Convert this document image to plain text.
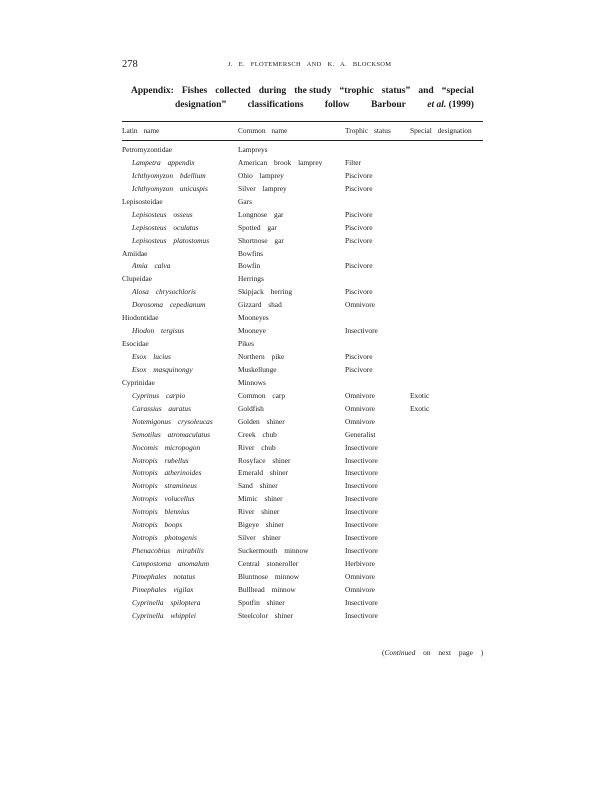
278	J. E. FLOTEMERSCH AND K. A. BLOCKSOM
Appendix: Fishes collected during the study “trophic status” and “special
designation” classifications follow Barbour et al. (1999)
Latin name	Common name	Trophic status	Special designation
Petromyzontidae	Lampreys
Lampetra appendix	American brook lamprey	Filter
Ichthyomyzon bdellium	Ohio lamprey	Piscivore
Ichthyomyzon unicuspis	Silver lamprey	Piscivore
Lepisosteidae	Gars
Lepisosteus osseus	Longnose gar	Piscivore
Lepisosteus oculatus	Spotted gar	Piscivore
Lepisosteus platostomus	Shortnose gar	Piscivore
Amiidae	Bowfins
Amia calva	Bowfin	Piscivore
Clupeidae	Herrings
Alosa chrysochloris	Skipjack herring	Piscivore
Dorosoma cepedianum	Gizzard shad	Omnivore
Hiodontidae	Mooneyes
Hiodon tergisus	Mooneye	Insectivore
Esocidae	Pikes
Esox lucius	Northern pike	Piscivore
Esox masquinongy	Muskellunge	Piscivore
Cyprinidae	Minnows
Cyprinus carpio	Common carp	Omnivore	Exotic
Carassius auratus	Goldfish	Omnivore	Exotic
Notemigonus crysoleucas	Golden shiner	Omnivore
Semotilus atromaculatus	Creek chub	Generalist
Nocomis micropogon	River chub	Insectivore
Notropis rubellus	Rosyface shiner	Insectivore
Notropis atherinoides	Emerald shiner	Insectivore
Notropis stramineus	Sand shiner	Insectivore
Notropis volucellus	Mimic shiner	Insectivore
Notropis blennius	River shiner	Insectivore
Notropis boops	Bigeye shiner	Insectivore
Notropis photogenis	Silver shiner	Insectivore
Phenacobius mirabilis	Suckermouth minnow	Insectivore
Campostoma anomalum	Central stoneroller	Herbivore
Pimephales notatus	Bluntnose minnow	Omnivore
Pimephales vigilax	Bullhead minnow	Omnivore
Cyprinella spiloptera	Spotfin shiner	Insectivore
Cyprinella whipplei	Steelcolor shiner	Insectivore
(Continued on next page )
